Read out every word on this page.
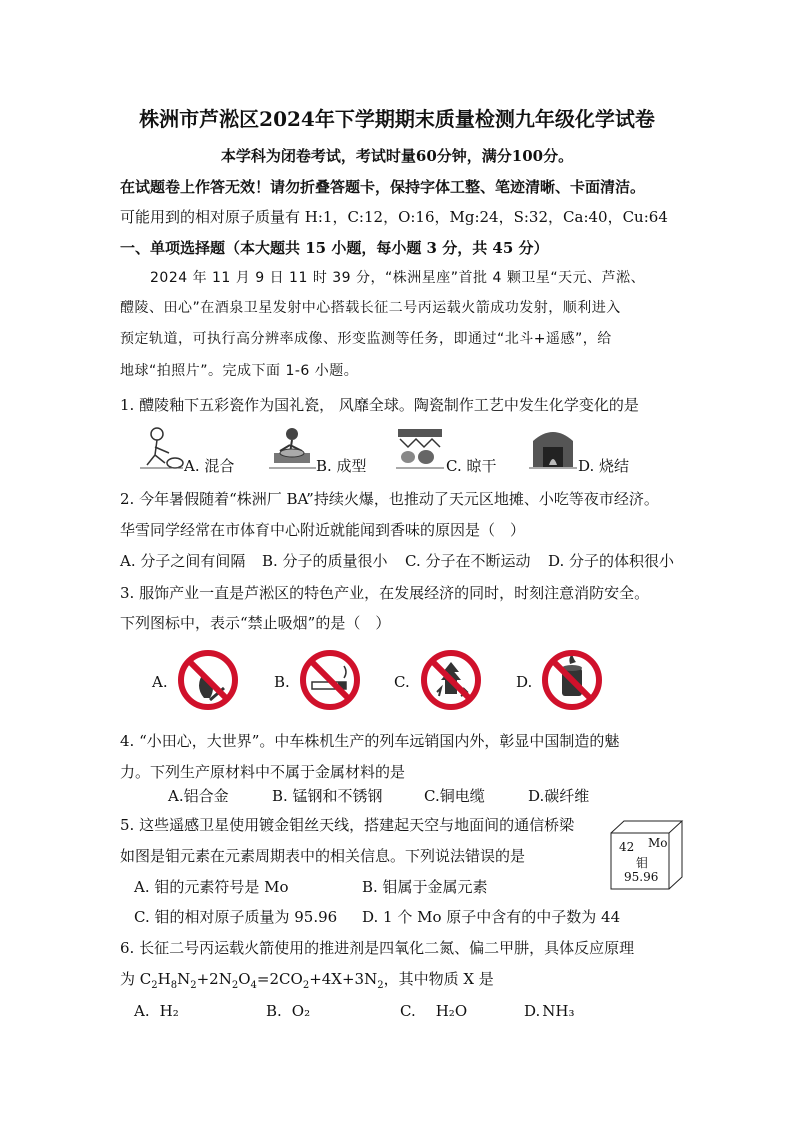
株洲市芦淞区2024年下学期期末质量检测九年级化学试卷
本学科为闭卷考试，考试时量60分钟，满分100分。
在试题卷上作答无效！请勿折叠答题卡，保持字体工整、笔迹清晰、卡面清洁。
可能用到的相对原子质量有 H:1，C:12，O:16，Mg:24，S:32，Ca:40，Cu:64
一、单项选择题（本大题共 15 小题，每小题 3 分，共 45 分）
2024 年 11 月 9 日 11 时 39 分，“株洲星座”首批 4 颗卫星“天元、芦淞、
醴陵、田心”在酒泉卫星发射中心搭载长征二号丙运载火箭成功发射，顺利进入
预定轨道，可执行高分辨率成像、形变监测等任务，即通过“北斗+遥感”，给
地球“拍照片”。完成下面 1-6 小题。
1. 醴陵釉下五彩瓷作为国礼瓷， 风靡全球。陶瓷制作工艺中发生化学变化的是
A. 混合	B. 成型	C. 晾干	D. 烧结
2. 今年暑假随着“株洲厂 BA”持续火爆，也推动了天元区地摊、小吃等夜市经济。
华雪同学经常在市体育中心附近就能闻到香味的原因是（　）
A. 分子之间有间隔 B. 分子的质量很小 C. 分子在不断运动 D. 分子的体积很小
3. 服饰产业一直是芦淞区的特色产业，在发展经济的同时，时刻注意消防安全。
下列图标中，表示“禁止吸烟”的是（　）
A.	B.	C.	D.
4. “小田心，大世界”。中车株机生产的列车远销国内外，彰显中国制造的魅
力。下列生产原材料中不属于金属材料的是
A.铝合金	B. 锰钢和不锈钢	C.铜电缆	D.碳纤维
5. 这些遥感卫星使用镀金钼丝天线，搭建起天空与地面间的通信桥梁
如图是钼元素在元素周期表中的相关信息。下列说法错误的是	42 Mo
钼
95.96
A. 钼的元素符号是 Mo	B. 钼属于金属元素
C. 钼的相对原子质量为 95.96 D. 1 个 Mo 原子中含有的中子数为 44
6. 长征二号丙运载火箭使用的推进剂是四氧化二氮、偏二甲肼，具体反应原理
为 $C_2H_8N_2+2N_2O_4=2CO_2+4X+3N_2$，其中物质 X 是
A. H₂	B. O₂	C. H₂O	D. NH₃
